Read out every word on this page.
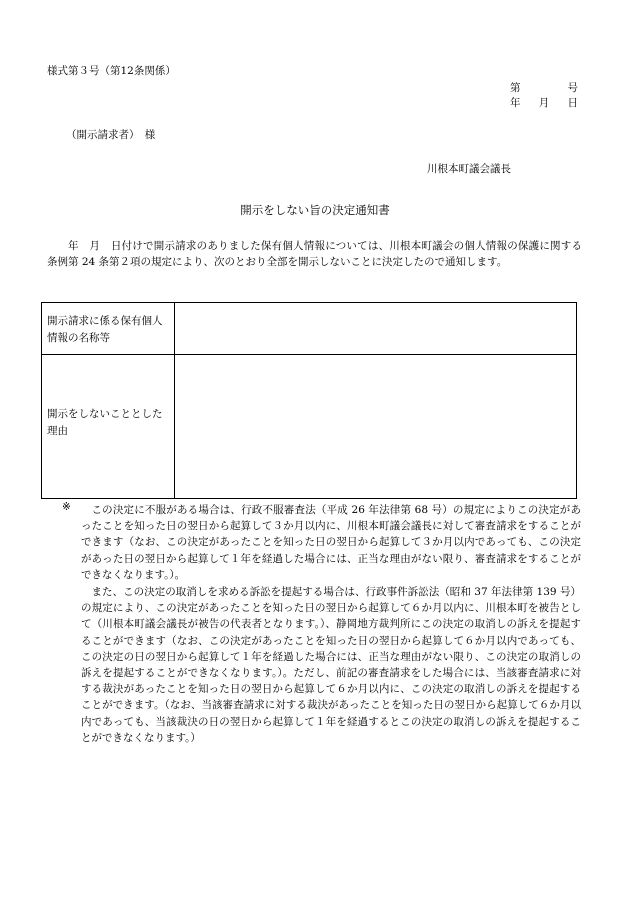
様式第３号（第12条関係）
第	号
年 月 日
（開示請求者）　様
川根本町議会議長
開示をしない旨の決定通知書
年　月　日付けで開示請求のありました保有個人情報については、川根本町議会の個人情報の保護に関する条例第 24 条第２項の規定により、次のとおり全部を開示しないことに決定したので通知します。
開示請求に係る保有個人情報の名称等
開示をしないこととした理由
※	この決定に不服がある場合は、行政不服審査法（平成 26 年法律第 68 号）の規定によりこの決定があったことを知った日の翌日から起算して３か月以内に、川根本町議会議長に対して審査請求をすることができます（なお、この決定があったことを知った日の翌日から起算して３か月以内であっても、この決定があった日の翌日から起算して１年を経過した場合には、正当な理由がない限り、審査請求をすることができなくなります。）。
また、この決定の取消しを求める訴訟を提起する場合は、行政事件訴訟法（昭和 37 年法律第 139 号）の規定により、この決定があったことを知った日の翌日から起算して６か月以内に、川根本町を被告として（川根本町議会議長が被告の代表者となります。）、静岡地方裁判所にこの決定の取消しの訴えを提起することができます（なお、この決定があったことを知った日の翌日から起算して６か月以内であっても、この決定の日の翌日から起算して１年を経過した場合には、正当な理由がない限り、この決定の取消しの訴えを提起することができなくなります。）。ただし、前記の審査請求をした場合には、当該審査請求に対する裁決があったことを知った日の翌日から起算して６か月以内に、この決定の取消しの訴えを提起することができます。（なお、当該審査請求に対する裁決があったことを知った日の翌日から起算して６か月以内であっても、当該裁決の日の翌日から起算して１年を経過するとこの決定の取消しの訴えを提起することができなくなります。）
